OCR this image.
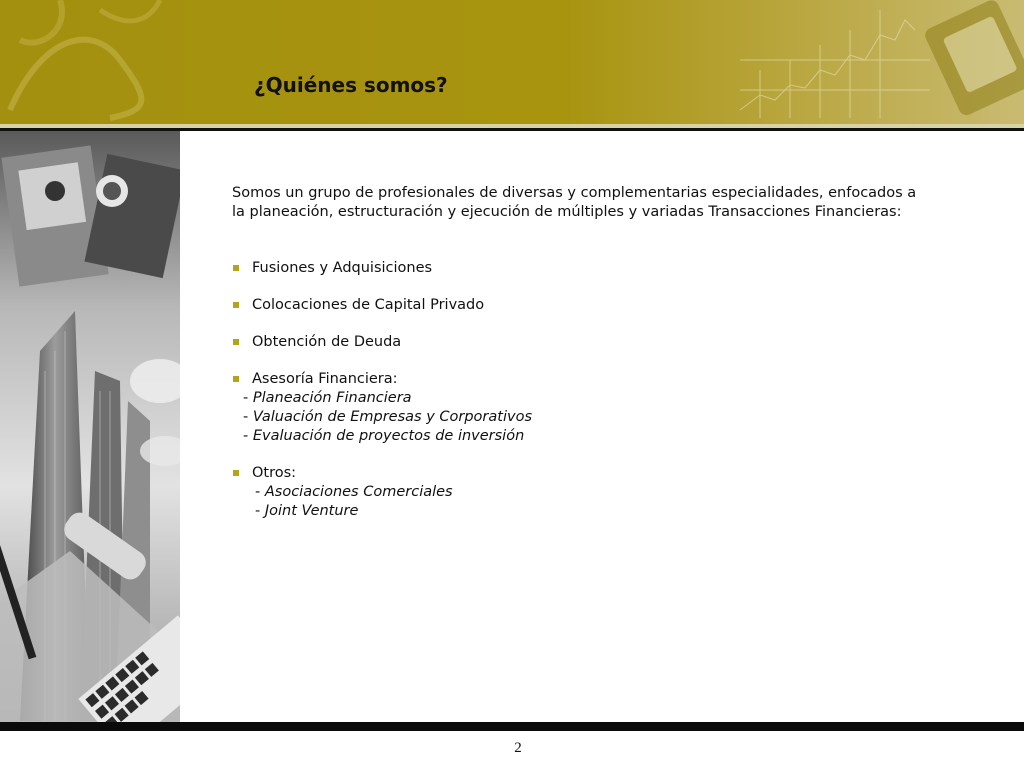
¿Quiénes somos?

Somos un grupo de profesionales de diversas y complementarias especialidades, enfocados a la planeación, estructuración y ejecución de múltiples y variadas Transacciones Financieras:

Fusiones y Adquisiciones
Colocaciones de Capital Privado
Obtención de Deuda
Asesoría Financiera:
- Planeación Financiera
- Valuación de Empresas y Corporativos
- Evaluación de proyectos de inversión
Otros:
- Asociaciones Comerciales
- Joint Venture
2
